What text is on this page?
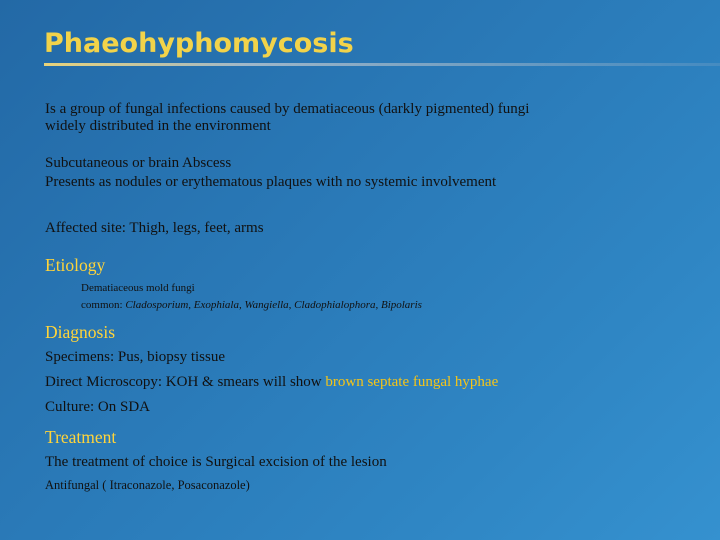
Phaeohyphomycosis
Is a group of fungal infections caused by dematiaceous (darkly pigmented) fungi
widely distributed in the environment
Subcutaneous or brain Abscess
Presents as nodules or erythematous plaques with no systemic involvement
Affected site: Thigh, legs, feet, arms
Etiology
Dematiaceous mold fungi
common: Cladosporium, Exophiala, Wangiella, Cladophialophora, Bipolaris
Diagnosis
Specimens: Pus, biopsy tissue
Direct Microscopy: KOH & smears will show brown septate fungal hyphae
Culture: On SDA
Treatment
The treatment of choice is Surgical excision of the lesion
Antifungal ( Itraconazole, Posaconazole)
